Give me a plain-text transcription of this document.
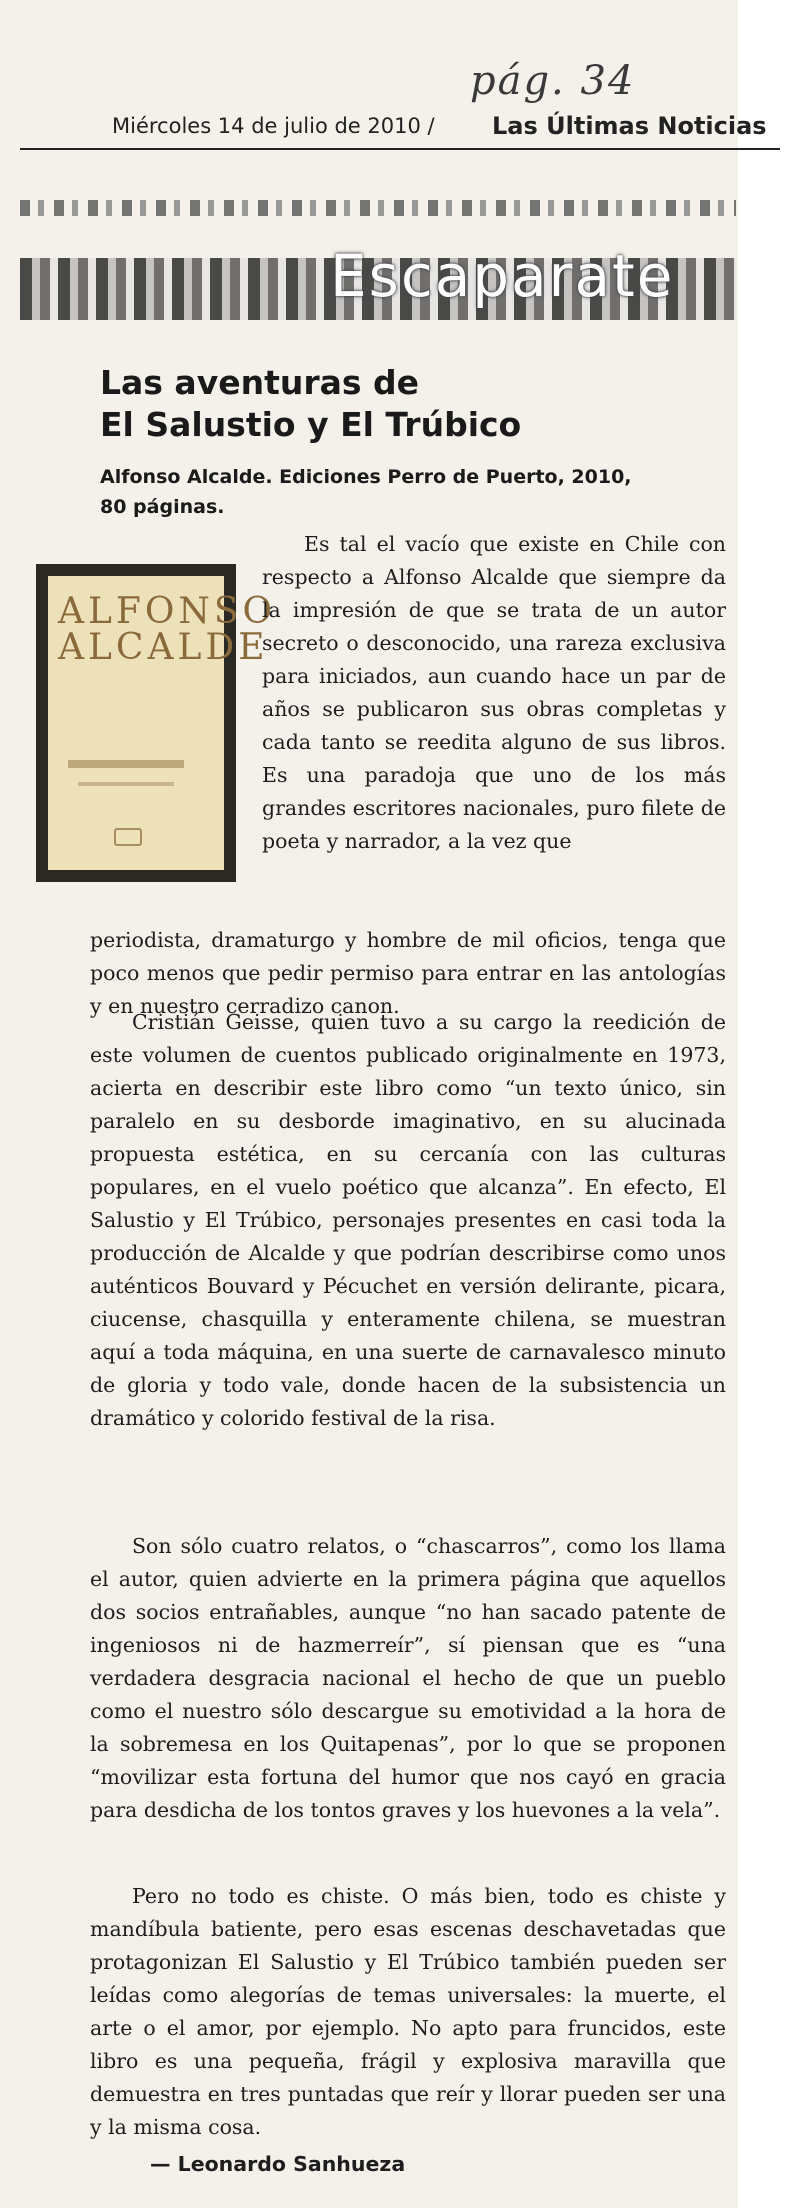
pág. 34
Miércoles 14 de julio de 2010 / Las Últimas Noticias
Escaparate
Las aventuras de
El Salustio y El Trúbico
Alfonso Alcalde. Ediciones Perro de Puerto, 2010,
80 páginas.
ALFONSO ALCALDE
Es tal el vacío que existe en Chile con respecto a Alfonso Alcalde que siempre da la impresión de que se trata de un autor secreto o desconocido, una rareza exclusiva para iniciados, aun cuando hace un par de años se publicaron sus obras completas y cada tanto se reedita alguno de sus libros. Es una paradoja que uno de los más grandes escritores nacionales, puro filete de poeta y narrador, a la vez que
periodista, dramaturgo y hombre de mil oficios, tenga que poco menos que pedir permiso para entrar en las antologías y en nuestro cerradizo canon.
Cristián Geisse, quien tuvo a su cargo la reedición de este volumen de cuentos publicado originalmente en 1973, acierta en describir este libro como “un texto único, sin paralelo en su desborde imaginativo, en su alucinada propuesta estética, en su cercanía con las culturas populares, en el vuelo poético que alcanza”. En efecto, El Salustio y El Trúbico, personajes presentes en casi toda la producción de Alcalde y que podrían describirse como unos auténticos Bouvard y Pécuchet en versión delirante, picara, ciucense, chasquilla y enteramente chilena, se muestran aquí a toda máquina, en una suerte de carnavalesco minuto de gloria y todo vale, donde hacen de la subsistencia un dramático y colorido festival de la risa.
Son sólo cuatro relatos, o “chascarros”, como los llama el autor, quien advierte en la primera página que aquellos dos socios entrañables, aunque “no han sacado patente de ingeniosos ni de hazmerreír”, sí piensan que es “una verdadera desgracia nacional el hecho de que un pueblo como el nuestro sólo descargue su emotividad a la hora de la sobremesa en los Quitapenas”, por lo que se proponen “movilizar esta fortuna del humor que nos cayó en gracia para desdicha de los tontos graves y los huevones a la vela”.
Pero no todo es chiste. O más bien, todo es chiste y mandíbula batiente, pero esas escenas deschavetadas que protagonizan El Salustio y El Trúbico también pueden ser leídas como alegorías de temas universales: la muerte, el arte o el amor, por ejemplo. No apto para fruncidos, este libro es una pequeña, frágil y explosiva maravilla que demuestra en tres puntadas que reír y llorar pueden ser una y la misma cosa.
— Leonardo Sanhueza
